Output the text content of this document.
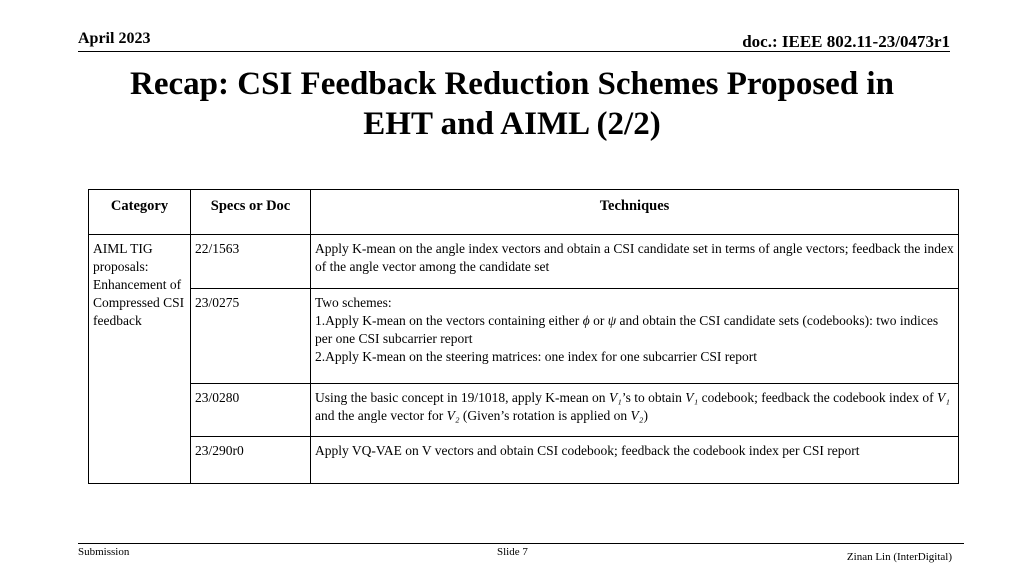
April 2023	doc.: IEEE 802.11-23/0473r1
Recap: CSI Feedback Reduction Schemes Proposed in
EHT and AIML (2/2)
Category	Specs or Doc	Techniques
AIML TIG proposals: Enhancement of Compressed CSI feedback	22/1563	Apply K-mean on the angle index vectors and obtain a CSI candidate set in terms of angle vectors; feedback the index of the angle vector among the candidate set
	23/0275	Two schemes:
1.Apply K-mean on the vectors containing either ϕ or ψ and obtain the CSI candidate sets (codebooks): two indices per one CSI subcarrier report
2.Apply K-mean on the steering matrices: one index for one subcarrier CSI report

	23/0280	Using the basic concept in 19/1018, apply K-mean on V₁’s to obtain V₁ codebook; feedback the codebook index of V₁ and the angle vector for V₂ (Given’s rotation is applied on V₂)
	23/290r0	Apply VQ-VAE on V vectors and obtain CSI codebook; feedback the codebook index per CSI report
Submission	Slide 7	Zinan Lin (InterDigital)
